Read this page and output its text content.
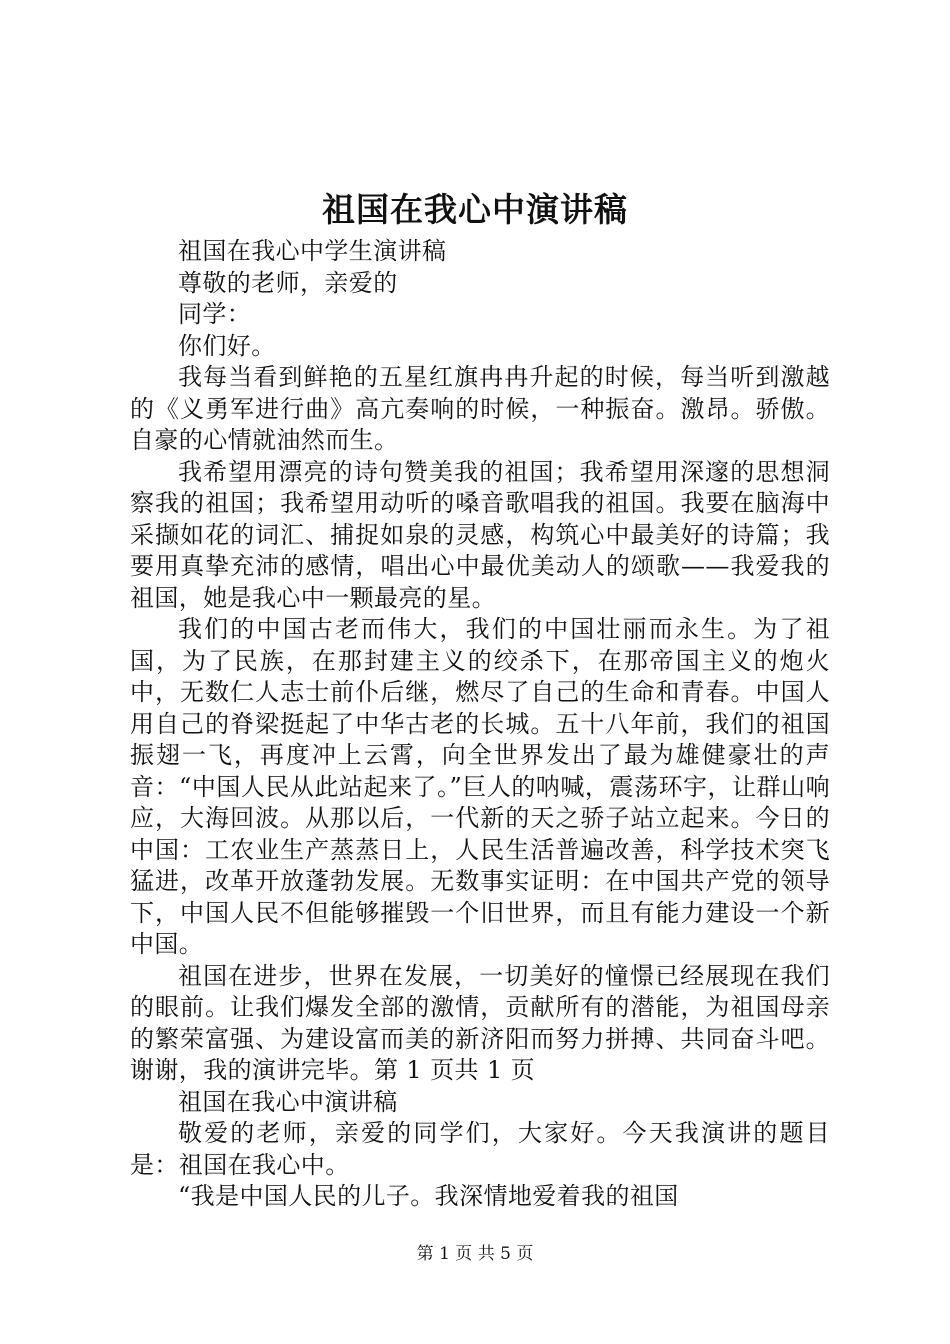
祖国在我心中演讲稿

祖国在我心中学生演讲稿

尊敬的老师，亲爱的

同学：

你们好。

我每当看到鲜艳的五星红旗冉冉升起的时候，每当听到激越的《义勇军进行曲》高亢奏响的时候，一种振奋。激昂。骄傲。自豪的心情就油然而生。

我希望用漂亮的诗句赞美我的祖国；我希望用深邃的思想洞察我的祖国；我希望用动听的嗓音歌唱我的祖国。我要在脑海中采撷如花的词汇、捕捉如泉的灵感，构筑心中最美好的诗篇；我要用真挚充沛的感情，唱出心中最优美动人的颂歌——我爱我的祖国，她是我心中一颗最亮的星。

我们的中国古老而伟大，我们的中国壮丽而永生。为了祖国，为了民族，在那封建主义的绞杀下，在那帝国主义的炮火中，无数仁人志士前仆后继，燃尽了自己的生命和青春。中国人用自己的脊梁挺起了中华古老的长城。五十八年前，我们的祖国振翅一飞，再度冲上云霄，向全世界发出了最为雄健豪壮的声音：“中国人民从此站起来了。”巨人的呐喊，震荡环宇，让群山响应，大海回波。从那以后，一代新的天之骄子站立起来。今日的中国：工农业生产蒸蒸日上，人民生活普遍改善，科学技术突飞猛进，改革开放蓬勃发展。无数事实证明：在中国共产党的领导下，中国人民不但能够摧毁一个旧世界，而且有能力建设一个新中国。

祖国在进步，世界在发展，一切美好的憧憬已经展现在我们的眼前。让我们爆发全部的激情，贡献所有的潜能，为祖国母亲的繁荣富强、为建设富而美的新济阳而努力拼搏、共同奋斗吧。谢谢，我的演讲完毕。第 1 页共 1 页

祖国在我心中演讲稿

敬爱的老师，亲爱的同学们，大家好。今天我演讲的题目是：祖国在我心中。

“我是中国人民的儿子。我深情地爱着我的祖国

第 1 页 共 5 页
